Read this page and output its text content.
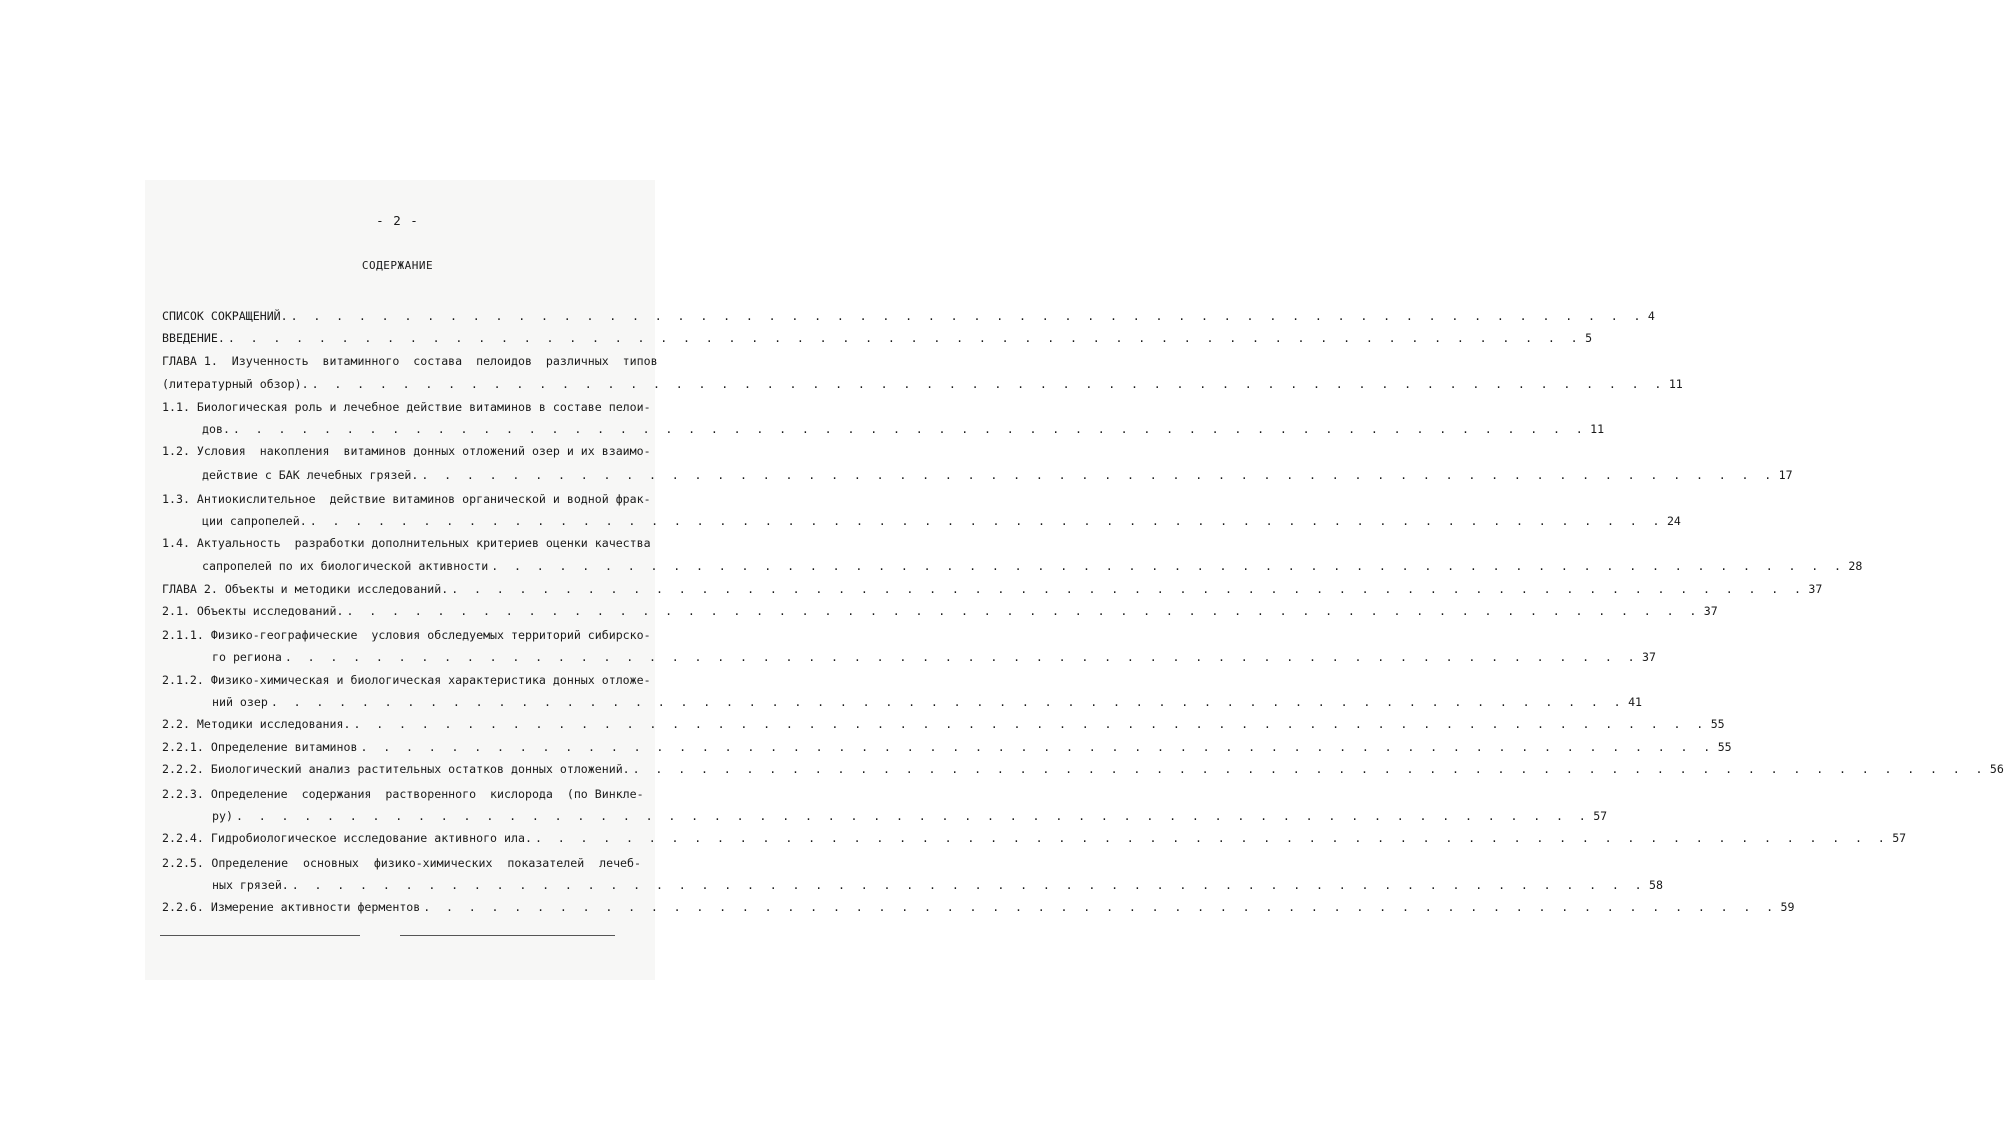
- 2 -
СОДЕРЖАНИЕ
СПИСОК СОКРАЩЕНИЙ. . . . . . . . . . . . . . . . . . . . . . . . . . . . . . . . . . . . . . . . . . . . . . . . . . . . . . . . . . . . . 4
ВВЕДЕНИЕ. . . . . . . . . . . . . . . . . . . . . . . . . . . . . . . . . . . . . . . . . . . . . . . . . . . . . . . . . . . . . 5
ГЛАВА 1.  Изученность  витаминного  состава  пелоидов  различных  типов
(литературный обзор). . . . . . . . . . . . . . . . . . . . . . . . . . . . . . . . . . . . . . . . . . . . . . . . . . . . . . . . . . . . . 11
1.1. Биологическая роль и лечебное действие витаминов в составе пелои-
дов. . . . . . . . . . . . . . . . . . . . . . . . . . . . . . . . . . . . . . . . . . . . . . . . . . . . . . . . . . . . . 11
1.2. Условия  накопления  витаминов донных отложений озер и их взаимо-
действие с БАК лечебных грязей. . . . . . . . . . . . . . . . . . . . . . . . . . . . . . . . . . . . . . . . . . . . . . . . . . . . . . . . . . . . . 17
1.3. Антиокислительное  действие витаминов органической и водной фрак-
ции сапропелей. . . . . . . . . . . . . . . . . . . . . . . . . . . . . . . . . . . . . . . . . . . . . . . . . . . . . . . . . . . . . 24
1.4. Актуальность  разработки дополнительных критериев оценки качества
сапропелей по их биологической активности . . . . . . . . . . . . . . . . . . . . . . . . . . . . . . . . . . . . . . . . . . . . . . . . . . . . . . . . . . . . 28
ГЛАВА 2. Объекты и методики исследований. . . . . . . . . . . . . . . . . . . . . . . . . . . . . . . . . . . . . . . . . . . . . . . . . . . . . . . . . . . . . 37
2.1. Объекты исследований. . . . . . . . . . . . . . . . . . . . . . . . . . . . . . . . . . . . . . . . . . . . . . . . . . . . . . . . . . . . . 37
2.1.1. Физико-географические  условия обследуемых территорий сибирско-
го региона . . . . . . . . . . . . . . . . . . . . . . . . . . . . . . . . . . . . . . . . . . . . . . . . . . . . . . . . . . . . 37
2.1.2. Физико-химическая и биологическая характеристика донных отложе-
ний озер . . . . . . . . . . . . . . . . . . . . . . . . . . . . . . . . . . . . . . . . . . . . . . . . . . . . . . . . . . . . 41
2.2. Методики исследования. . . . . . . . . . . . . . . . . . . . . . . . . . . . . . . . . . . . . . . . . . . . . . . . . . . . . . . . . . . . . 55
2.2.1. Определение витаминов . . . . . . . . . . . . . . . . . . . . . . . . . . . . . . . . . . . . . . . . . . . . . . . . . . . . . . . . . . . . 55
2.2.2. Биологический анализ растительных остатков донных отложений. . . . . . . . . . . . . . . . . . . . . . . . . . . . . . . . . . . . . . . . . . . . . . . . . . . . . . . . . . . . . 56
2.2.3. Определение  содержания  растворенного  кислорода  (по Винкле-
ру) . . . . . . . . . . . . . . . . . . . . . . . . . . . . . . . . . . . . . . . . . . . . . . . . . . . . . . . . . . . . 57
2.2.4. Гидробиологическое исследование активного ила. . . . . . . . . . . . . . . . . . . . . . . . . . . . . . . . . . . . . . . . . . . . . . . . . . . . . . . . . . . . . 57
2.2.5. Определение  основных  физико-химических  показателей  лечеб-
ных грязей. . . . . . . . . . . . . . . . . . . . . . . . . . . . . . . . . . . . . . . . . . . . . . . . . . . . . . . . . . . . . 58
2.2.6. Измерение активности ферментов . . . . . . . . . . . . . . . . . . . . . . . . . . . . . . . . . . . . . . . . . . . . . . . . . . . . . . . . . . . . 59
